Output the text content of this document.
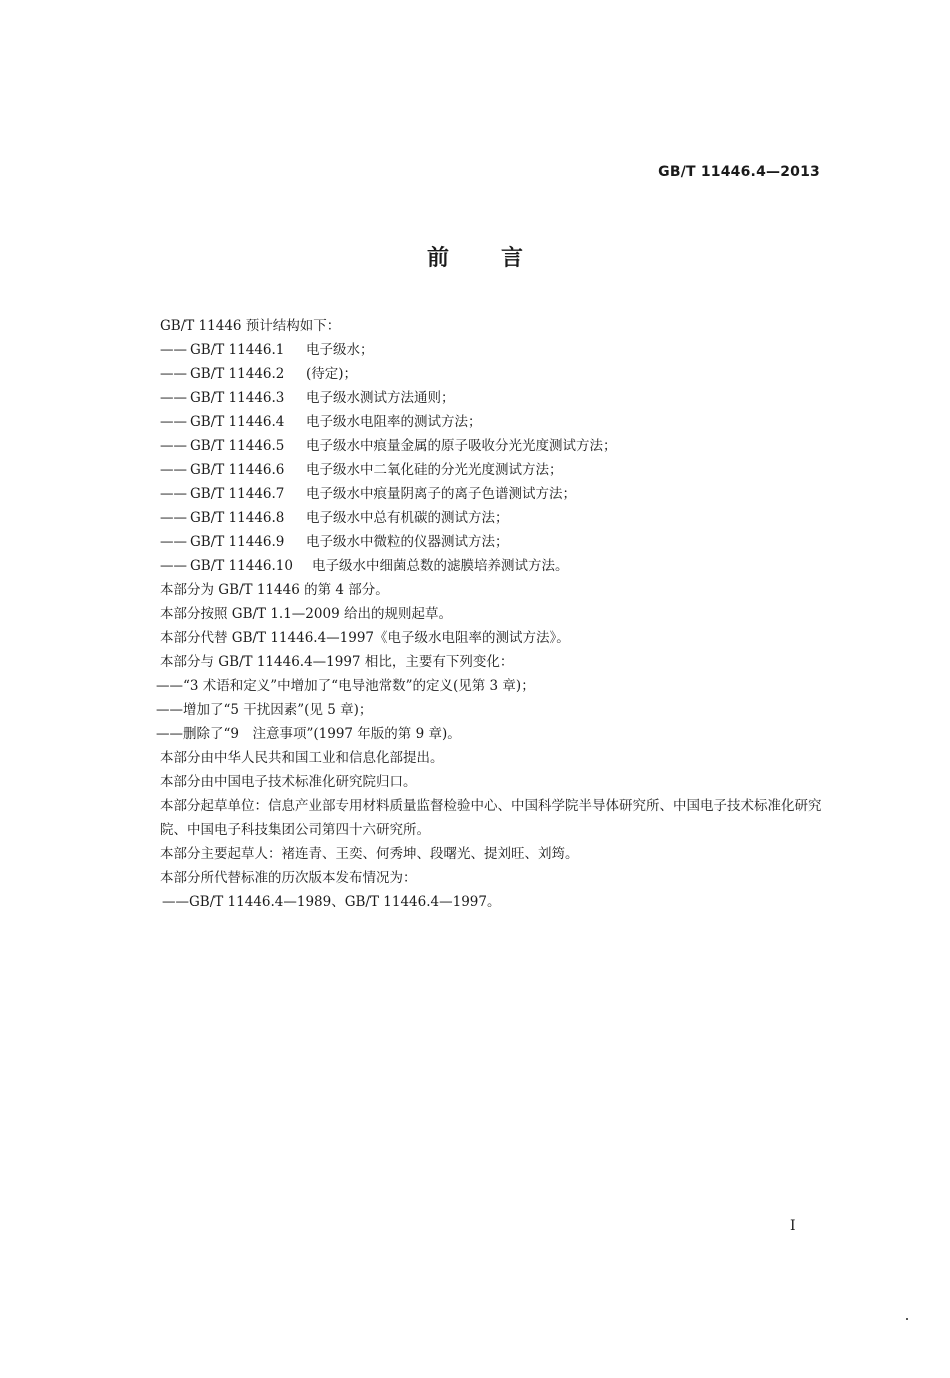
GB/T 11446.4—2013
前 言
GB/T 11446 预计结构如下：
—— GB/T 11446.1 电子级水；
—— GB/T 11446.2 (待定)；
—— GB/T 11446.3 电子级水测试方法通则；
—— GB/T 11446.4 电子级水电阻率的测试方法；
—— GB/T 11446.5 电子级水中痕量金属的原子吸收分光光度测试方法；
—— GB/T 11446.6 电子级水中二氧化硅的分光光度测试方法；
—— GB/T 11446.7 电子级水中痕量阴离子的离子色谱测试方法；
—— GB/T 11446.8 电子级水中总有机碳的测试方法；
—— GB/T 11446.9 电子级水中微粒的仪器测试方法；
—— GB/T 11446.10 电子级水中细菌总数的滤膜培养测试方法。
本部分为 GB/T 11446 的第 4 部分。
本部分按照 GB/T 1.1—2009 给出的规则起草。
本部分代替 GB/T 11446.4—1997《电子级水电阻率的测试方法》。
本部分与 GB/T 11446.4—1997 相比，主要有下列变化：
——“3 术语和定义”中增加了“电导池常数”的定义(见第 3 章)；
——增加了“5 干扰因素”(见 5 章)；
——删除了“9　注意事项”(1997 年版的第 9 章)。
本部分由中华人民共和国工业和信息化部提出。
本部分由中国电子技术标准化研究院归口。
本部分起草单位：信息产业部专用材料质量监督检验中心、中国科学院半导体研究所、中国电子技术标准化研究院、中国电子科技集团公司第四十六研究所。
本部分主要起草人：褚连青、王奕、何秀坤、段曙光、提刘旺、刘筠。
本部分所代替标准的历次版本发布情况为：
——GB/T 11446.4—1989、GB/T 11446.4—1997。
I
